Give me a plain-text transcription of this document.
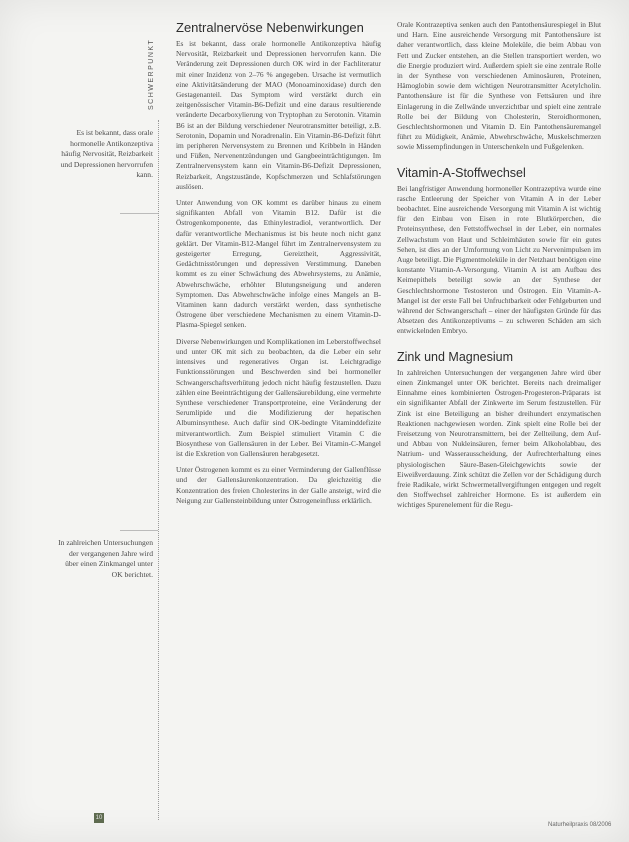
SCHWERPUNKT
Es ist bekannt, dass orale hormonelle Antikonzeptiva häufig Nervosität, Reizbarkeit und Depressionen hervorrufen kann.
In zahlreichen Untersuchungen der vergangenen Jahre wird über einen Zinkmangel unter OK berichtet.
Zentralnervöse Nebenwirkungen

Es ist bekannt, dass orale hormonelle Antikonzeptiva häufig Nervosität, Reizbarkeit und Depressionen hervorrufen kann. Die Veränderung zeit Depressionen durch OK wird in der Fachliteratur mit einer Inzidenz von 2–76 % angegeben. Ursache ist vermutlich eine Aktivitätsänderung der MAO (Monoaminoxidase) durch den Gestagenanteil. Das Symptom wird verstärkt durch ein zeitgenössischer Vitamin-B6-Defizit und eine daraus resultierende veränderte Decarboxylierung von Tryptophan zu Serotonin. Vitamin B6 ist an der Bildung verschiedener Neurotransmitter beteiligt, z.B. Serotonin, Dopamin und Noradrenalin. Ein Vitamin-B6-Defizit führt im peripheren Nervensystem zu Brennen und Kribbeln in Händen und Füßen, Nervenentzündungen und Gangbeeinträchtigungen. Im Zentralnervensystem kann ein Vitamin-B6-Defizit Depressionen, Reizbarkeit, Angstzustände, Kopfschmerzen und Schlafstörungen auslösen.

Unter Anwendung von OK kommt es darüber hinaus zu einem signifikanten Abfall von Vitamin B12. Dafür ist die Östrogenkomponente, das Ethinylestradiol, verantwortlich. Der dafür verantwortliche Mechanismus ist bis heute noch nicht ganz geklärt. Der Vitamin-B12-Mangel führt im Zentralnervensystem zu gesteigerter Erregung, Gereiztheit, Aggressivität, Gedächtnisstörungen und depressiven Verstimmung. Daneben kommt es zu einer Schwächung des Abwehrsystems, zu Anämie, Abwehrschwäche, erhöhter Blutungsneigung und anderen Symptomen. Das Abwehrschwäche infolge eines Mangels an B-Vitaminen kann dadurch verstärkt werden, dass synthetische Östrogene über verschiedene Mechanismen zu einem Vitamin-D-Plasma-Spiegel senken.

Diverse Nebenwirkungen und Komplikationen im Leberstoffwechsel und unter OK mit sich zu beobachten, da die Leber ein sehr intensives und regeneratives Organ ist. Leichtgradige Funktionsstörungen und Beschwerden sind bei hormoneller Schwangerschaftsverhütung jedoch nicht häufig festzustellen. Dazu zählen eine Beeinträchtigung der Gallensäurebildung, eine vermehrte Synthese verschiedener Transportproteine, eine Veränderung der Serumlipide und die Modifizierung der hepatischen Albuminsynthese. Auch dafür sind OK-bedingte Vitaminddefizite mitverantwortlich. Zum Beispiel stimuliert Vitamin C die Biosynthese von Gallensäuren in der Leber. Bei Vitamin-C-Mangel ist die Exkretion von Gallensäuren herabgesetzt.

Unter Östrogenen kommt es zu einer Verminderung der Gallenflüsse und der Gallensäurenkonzentration. Da gleichzeitig die Konzentration des freien Cholesterins in der Galle ansteigt, wird die Neigung zur Gallensteinbildung unter Östrogeneinfluss erklärlich.

Orale Kontrazeptiva senken auch den Pantothensäurespiegel in Blut und Harn. Eine ausreichende Versorgung mit Pantothensäure ist daher verantwortlich, dass kleine Moleküle, die beim Abbau von Fett und Zucker entstehen, an die Stellen transportiert werden, wo die Energie produziert wird. Außerdem spielt sie eine zentrale Rolle in der Synthese von verschiedenen Aminosäuren, Proteinen, Hämoglobin sowie dem wichtigen Neurotransmitter Acetylcholin. Pantothensäure ist für die Synthese von Fettsäuren und ihre Einlagerung in die Zellwände unverzichtbar und spielt eine zentrale Rolle bei der Bildung von Cholesterin, Steroidhormonen, Geschlechtshormonen und Vitamin D. Ein Pantothensäuremangel führt zu Müdigkeit, Anämie, Abwehrschwäche, Muskelschmerzen sowie Missempfindungen in Unterschenkeln und Fußgelenken.

Vitamin-A-Stoffwechsel

Bei langfristiger Anwendung hormoneller Kontrazeptiva wurde eine rasche Entleerung der Speicher von Vitamin A in der Leber beobachtet. Eine ausreichende Versorgung mit Vitamin A ist wichtig für den Einbau von Eisen in rote Blutkörperchen, die Proteinsynthese, den Fettstoffwechsel in der Leber, ein normales Zellwachstum von Haut und Schleimhäuten sowie für ein gutes Sehen, ist dies an der Umformung von Licht zu Nervenimpulsen im Auge beteiligt. Die Pigmentmoleküle in der Netzhaut benötigen eine konstante Vitamin-A-Versorgung. Vitamin A ist am Aufbau des Keimepithels beteiligt sowie an der Synthese der Geschlechtshormone Testosteron und Östrogen. Ein Vitamin-A-Mangel ist der erste Fall bei Unfruchtbarkeit oder Fehlgeburten und während der Schwangerschaft – einer der häufigsten Gründe für das Absetzen des Antikonzeptivums – zu schweren Schäden am sich entwickelnden Embryo.

Zink und Magnesium

In zahlreichen Untersuchungen der vergangenen Jahre wird über einen Zinkmangel unter OK berichtet. Bereits nach dreimaliger Einnahme eines kombinierten Östrogen-Progesteron-Präparats ist ein signifikanter Abfall der Zinkwerte im Serum festzustellen. Für Zink ist eine Beteiligung an bisher dreihundert enzymatischen Reaktionen nachgewiesen worden. Zink spielt eine Rolle bei der Freisetzung von Neurotransmittern, bei der Zellteilung, dem Auf- und Abbau von Nukleinsäuren, ferner beim Alkoholabbau, des Natrium- und Wasserausscheidung, der Aufrechterhaltung eines physiologischen Säure-Basen-Gleichgewichts sowie der Eiweißverdauung. Zink schützt die Zellen vor der Schädigung durch freie Radikale, wirkt Schwermetallvergiftungen entgegen und regelt den Stoffwechsel zahlreicher Hormone. Es ist außerdem ein wichtiges Spurenelement für die Regu-

10
Naturheilpraxis 08/2006
